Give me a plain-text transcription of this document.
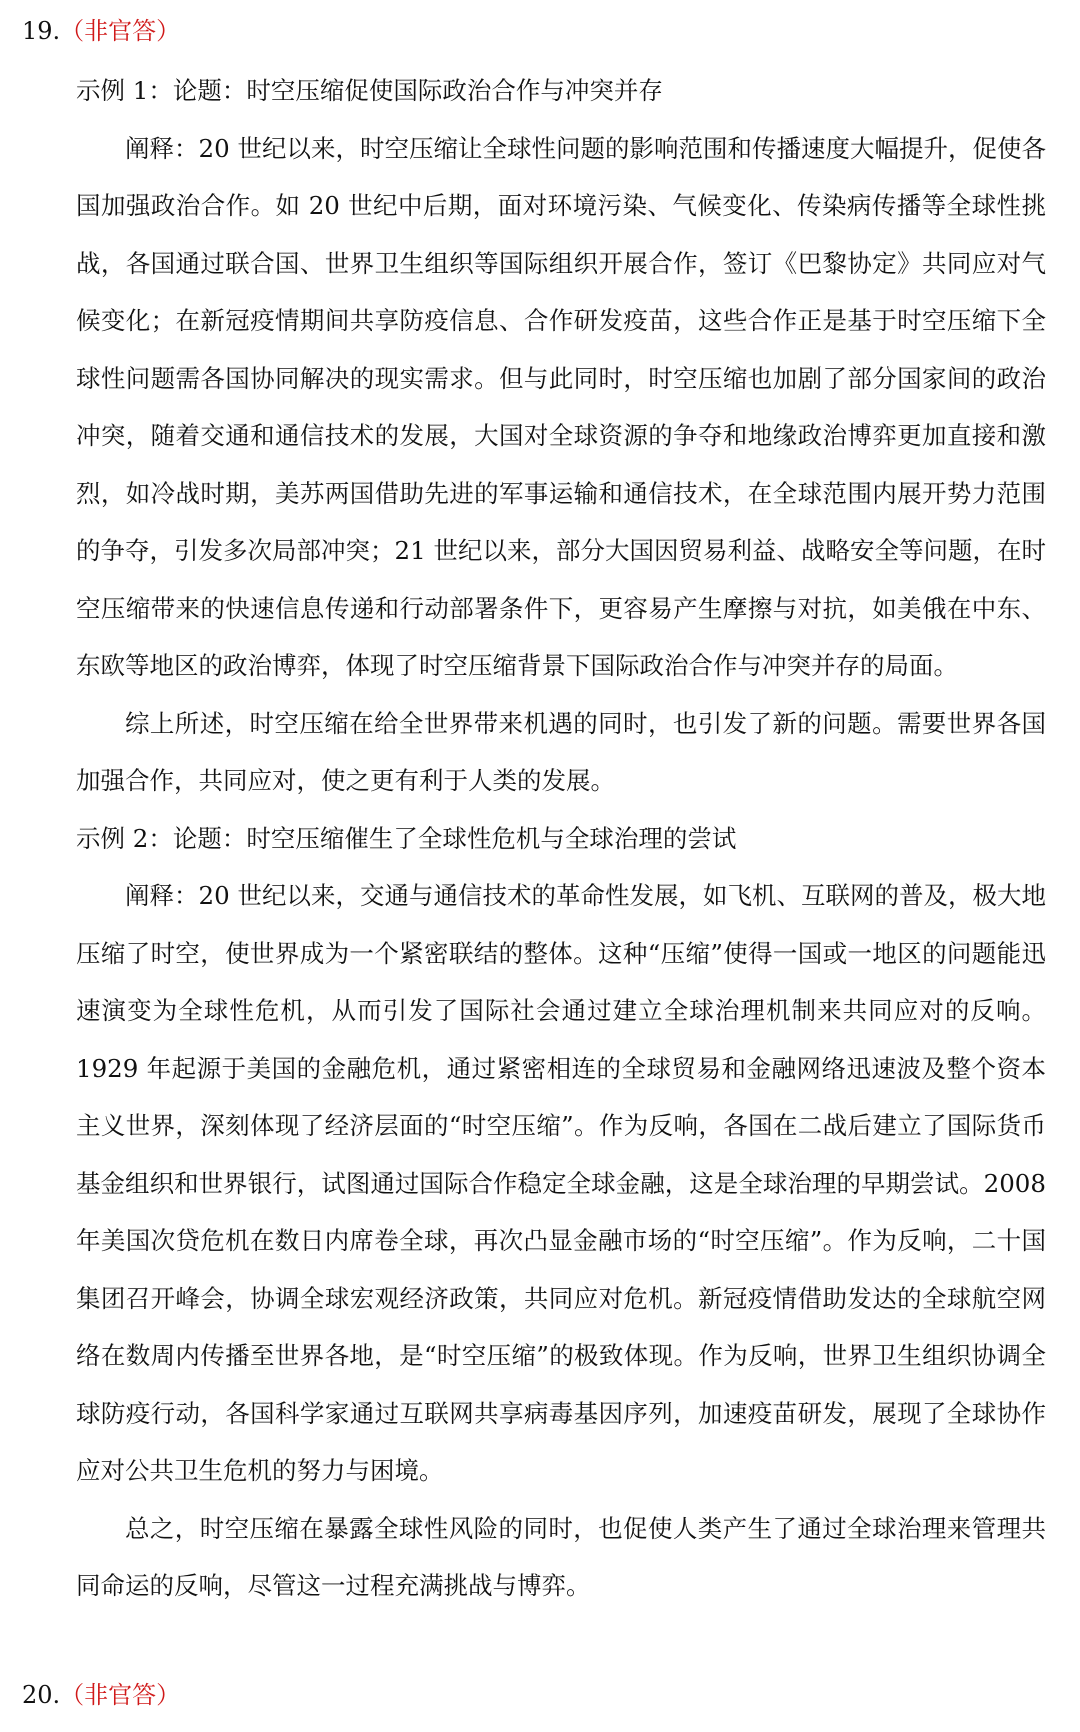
19.（非官答）
示例 1：论题：时空压缩促使国际政治合作与冲突并存

阐释：20 世纪以来，时空压缩让全球性问题的影响范围和传播速度大幅提升，促使各国加强政治合作。如 20 世纪中后期，面对环境污染、气候变化、传染病传播等全球性挑战，各国通过联合国、世界卫生组织等国际组织开展合作，签订《巴黎协定》共同应对气候变化；在新冠疫情期间共享防疫信息、合作研发疫苗，这些合作正是基于时空压缩下全球性问题需各国协同解决的现实需求。但与此同时，时空压缩也加剧了部分国家间的政治冲突，随着交通和通信技术的发展，大国对全球资源的争夺和地缘政治博弈更加直接和激烈，如冷战时期，美苏两国借助先进的军事运输和通信技术，在全球范围内展开势力范围的争夺，引发多次局部冲突；21 世纪以来，部分大国因贸易利益、战略安全等问题，在时空压缩带来的快速信息传递和行动部署条件下，更容易产生摩擦与对抗，如美俄在中东、东欧等地区的政治博弈，体现了时空压缩背景下国际政治合作与冲突并存的局面。

综上所述，时空压缩在给全世界带来机遇的同时，也引发了新的问题。需要世界各国加强合作，共同应对，使之更有利于人类的发展。

示例 2：论题：时空压缩催生了全球性危机与全球治理的尝试

阐释：20 世纪以来，交通与通信技术的革命性发展，如飞机、互联网的普及，极大地压缩了时空，使世界成为一个紧密联结的整体。这种“压缩”使得一国或一地区的问题能迅速演变为全球性危机，从而引发了国际社会通过建立全球治理机制来共同应对的反响。1929 年起源于美国的金融危机，通过紧密相连的全球贸易和金融网络迅速波及整个资本主义世界，深刻体现了经济层面的“时空压缩”。作为反响，各国在二战后建立了国际货币基金组织和世界银行，试图通过国际合作稳定全球金融，这是全球治理的早期尝试。2008 年美国次贷危机在数日内席卷全球，再次凸显金融市场的“时空压缩”。作为反响，二十国集团召开峰会，协调全球宏观经济政策，共同应对危机。新冠疫情借助发达的全球航空网络在数周内传播至世界各地，是“时空压缩”的极致体现。作为反响，世界卫生组织协调全球防疫行动，各国科学家通过互联网共享病毒基因序列，加速疫苗研发，展现了全球协作应对公共卫生危机的努力与困境。

总之，时空压缩在暴露全球性风险的同时，也促使人类产生了通过全球治理来管理共同命运的反响，尽管这一过程充满挑战与博弈。

20.（非官答）
